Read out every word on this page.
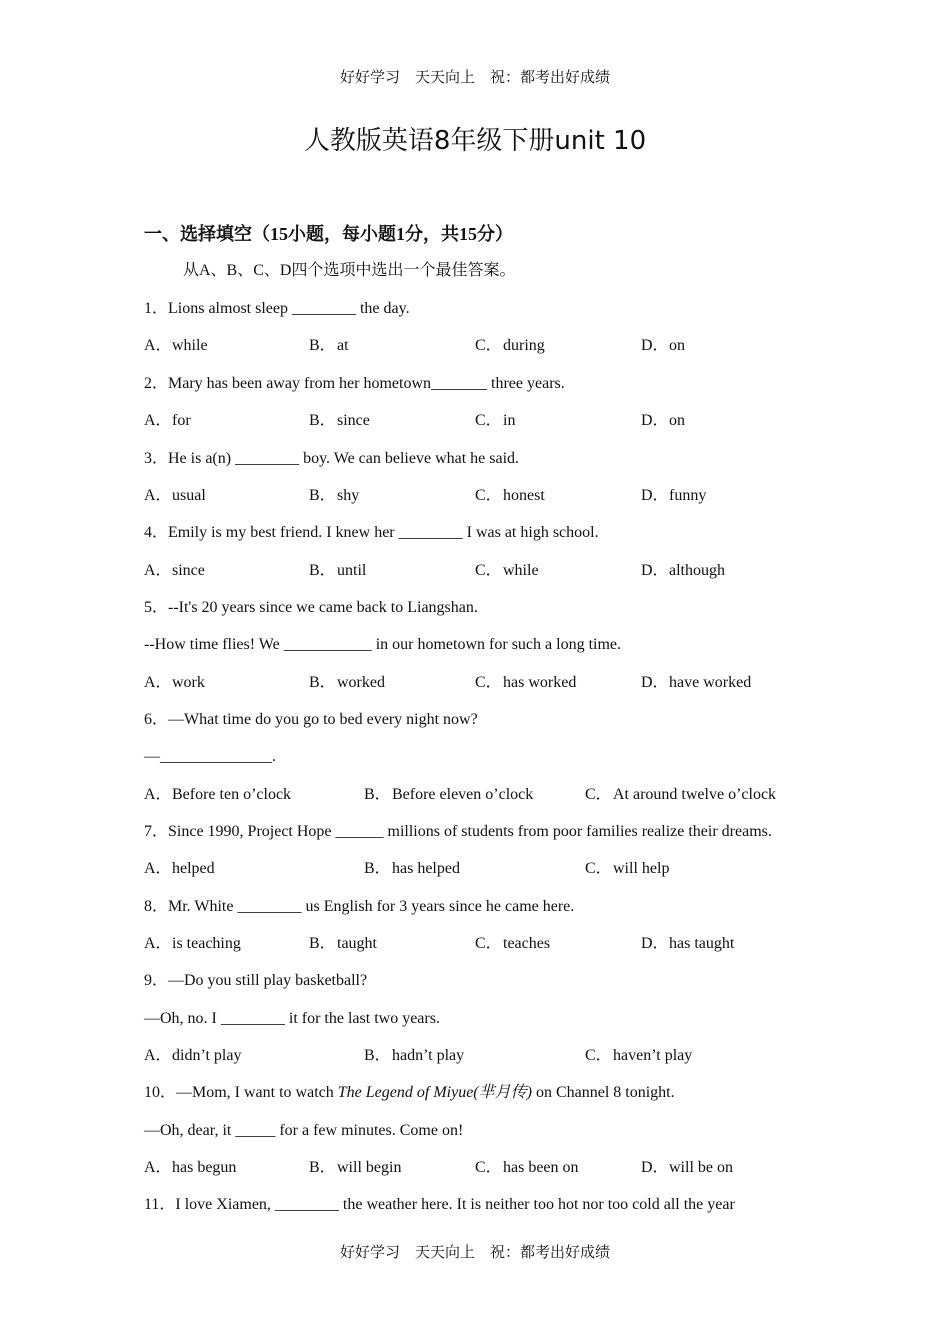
好好学习　天天向上　祝：都考出好成绩
人教版英语8年级下册unit 10
一、选择填空（15小题，每小题1分，共15分）
从A、B、C、D四个选项中选出一个最佳答案。
1．Lions almost sleep ________ the day.
A．while	B．at	C．during	D．on
2．Mary has been away from her hometown_______ three years.
A．for	B．since	C．in	D．on
3．He is a(n) ________ boy. We can believe what he said.
A．usual	B．shy	C．honest	D．funny
4．Emily is my best friend. I knew her ________ I was at high school.
A．since	B．until	C．while	D．although
5．--It's 20 years since we came back to Liangshan.
--How time flies! We ___________ in our hometown for such a long time.
A．work	B．worked	C．has worked	D．have worked
6．—What time do you go to bed every night now?
—______________.
A．Before ten o’clock	B．Before eleven o’clock	C．At around twelve o’clock
7．Since 1990, Project Hope ______ millions of students from poor families realize their dreams.
A．helped	B．has helped	C．will help
8．Mr. White ________ us English for 3 years since he came here.
A．is teaching	B．taught	C．teaches	D．has taught
9．—Do you still play basketball?
—Oh, no. I ________ it for the last two years.
A．didn’t play	B．hadn’t play	C．haven’t play
10．—Mom, I want to watch The Legend of Miyue(芈月传) on Channel 8 tonight.
—Oh, dear, it _____ for a few minutes. Come on!
A．has begun	B．will begin	C．has been on	D．will be on
11．I love Xiamen, ________ the weather here. It is neither too hot nor too cold all the year
好好学习　天天向上　祝：都考出好成绩
